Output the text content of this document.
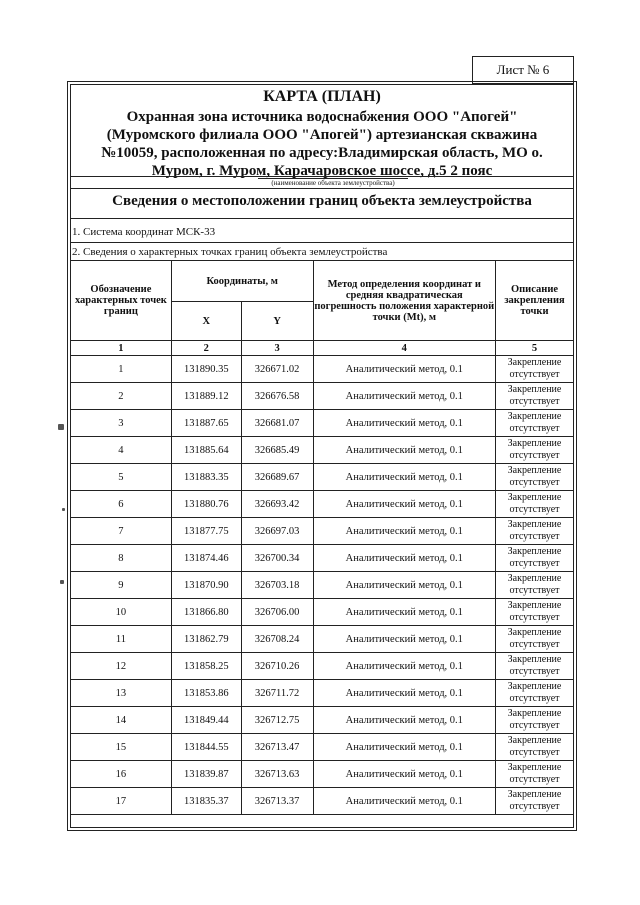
Лист № 6
КАРТА (ПЛАН)
Охранная зона источника водоснабжения ООО "Апогей" (Муромского филиала ООО "Апогей") артезианская скважина №10059, расположенная по адресу:Владимирская область, МО о. Муром, г. Муром, Карачаровское шоссе, д.5 2 пояс
(наименование объекта землеустройства)
Сведения о местоположении границ объекта землеустройства
1. Система координат МСК-33
2. Сведения о характерных точках границ объекта землеустройства
Обозначение характерных точек границ	Координаты, м		Метод определения координат и средняя квадратическая погрешность положения характерной точки (Mt), м	Описание закрепления точки
	X	Y		
1	2	3	4	5
1	131890.35	326671.02	Аналитический метод, 0.1	Закрепление отсутствует
2	131889.12	326676.58	Аналитический метод, 0.1	Закрепление отсутствует
3	131887.65	326681.07	Аналитический метод, 0.1	Закрепление отсутствует
4	131885.64	326685.49	Аналитический метод, 0.1	Закрепление отсутствует
5	131883.35	326689.67	Аналитический метод, 0.1	Закрепление отсутствует
6	131880.76	326693.42	Аналитический метод, 0.1	Закрепление отсутствует
7	131877.75	326697.03	Аналитический метод, 0.1	Закрепление отсутствует
8	131874.46	326700.34	Аналитический метод, 0.1	Закрепление отсутствует
9	131870.90	326703.18	Аналитический метод, 0.1	Закрепление отсутствует
10	131866.80	326706.00	Аналитический метод, 0.1	Закрепление отсутствует
11	131862.79	326708.24	Аналитический метод, 0.1	Закрепление отсутствует
12	131858.25	326710.26	Аналитический метод, 0.1	Закрепление отсутствует
13	131853.86	326711.72	Аналитический метод, 0.1	Закрепление отсутствует
14	131849.44	326712.75	Аналитический метод, 0.1	Закрепление отсутствует
15	131844.55	326713.47	Аналитический метод, 0.1	Закрепление отсутствует
16	131839.87	326713.63	Аналитический метод, 0.1	Закрепление отсутствует
17	131835.37	326713.37	Аналитический метод, 0.1	Закрепление отсутствует
